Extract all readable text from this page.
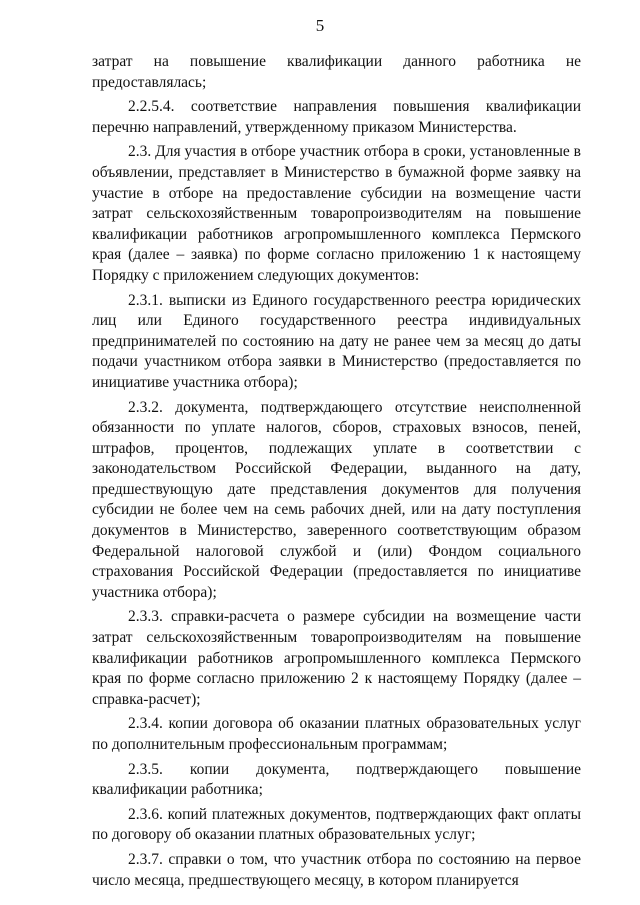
5

затрат на повышение квалификации данного работника не предоставлялась;

2.2.5.4. соответствие направления повышения квалификации перечню направлений, утвержденному приказом Министерства.

2.3. Для участия в отборе участник отбора в сроки, установленные в объявлении, представляет в Министерство в бумажной форме заявку на участие в отборе на предоставление субсидии на возмещение части затрат сельскохозяйственным товаропроизводителям на повышение квалификации работников агропромышленного комплекса Пермского края (далее – заявка) по форме согласно приложению 1 к настоящему Порядку с приложением следующих документов:

2.3.1. выписки из Единого государственного реестра юридических лиц или Единого государственного реестра индивидуальных предпринимателей по состоянию на дату не ранее чем за месяц до даты подачи участником отбора заявки в Министерство (предоставляется по инициативе участника отбора);

2.3.2. документа, подтверждающего отсутствие неисполненной обязанности по уплате налогов, сборов, страховых взносов, пеней, штрафов, процентов, подлежащих уплате в соответствии с законодательством Российской Федерации, выданного на дату, предшествующую дате представления документов для получения субсидии не более чем на семь рабочих дней, или на дату поступления документов в Министерство, заверенного соответствующим образом Федеральной налоговой службой и (или) Фондом социального страхования Российской Федерации (предоставляется по инициативе участника отбора);

2.3.3. справки-расчета о размере субсидии на возмещение части затрат сельскохозяйственным товаропроизводителям на повышение квалификации работников агропромышленного комплекса Пермского края по форме согласно приложению 2 к настоящему Порядку (далее – справка-расчет);

2.3.4. копии договора об оказании платных образовательных услуг по дополнительным профессиональным программам;

2.3.5. копии документа, подтверждающего повышение квалификации работника;

2.3.6. копий платежных документов, подтверждающих факт оплаты по договору об оказании платных образовательных услуг;

2.3.7. справки о том, что участник отбора по состоянию на первое число месяца, предшествующего месяцу, в котором планируется
